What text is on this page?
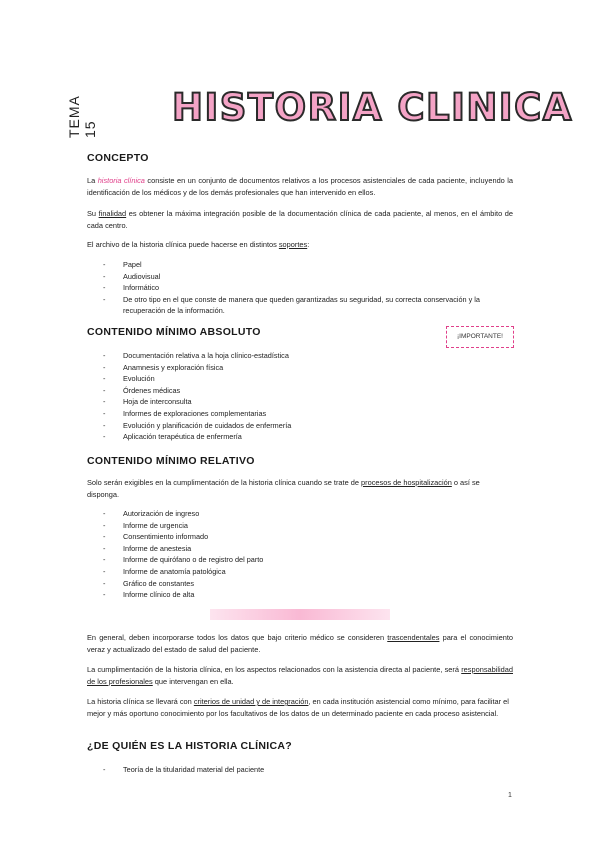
TEMA 15
HISTORIA CLINICA
CONCEPTO

La historia clínica consiste en un conjunto de documentos relativos a los procesos asistenciales de cada paciente, incluyendo la identificación de los médicos y de los demás profesionales que han intervenido en ellos.

Su finalidad es obtener la máxima integración posible de la documentación clínica de cada paciente, al menos, en el ámbito de cada centro.

El archivo de la historia clínica puede hacerse en distintos soportes:

- Papel
- Audiovisual
- Informático
- De otro tipo en el que conste de manera que queden garantizadas su seguridad, su correcta conservación y la recuperación de la información.
CONTENIDO MÍNIMO ABSOLUTO	¡IMPORTANTE!
- Documentación relativa a la hoja clínico-estadística
- Anamnesis y exploración física
- Evolución
- Órdenes médicas
- Hoja de interconsulta
- Informes de exploraciones complementarias
- Evolución y planificación de cuidados de enfermería
- Aplicación terapéutica de enfermería
CONTENIDO MÍNIMO RELATIVO

Solo serán exigibles en la cumplimentación de la historia clínica cuando se trate de procesos de hospitalización o así se disponga.

- Autorización de ingreso
- Informe de urgencia
- Consentimiento informado
- Informe de anestesia
- Informe de quirófano o de registro del parto
- Informe de anatomía patológica
- Gráfico de constantes
- Informe clínico de alta

En general, deben incorporarse todos los datos que bajo criterio médico se consideren trascendentales para el conocimiento veraz y actualizado del estado de salud del paciente.

La cumplimentación de la historia clínica, en los aspectos relacionados con la asistencia directa al paciente, será responsabilidad de los profesionales que intervengan en ella.

La historia clínica se llevará con criterios de unidad y de integración, en cada institución asistencial como mínimo, para facilitar el mejor y más oportuno conocimiento por los facultativos de los datos de un determinado paciente en cada proceso asistencial.

¿DE QUIÉN ES LA HISTORIA CLÍNICA?
- Teoría de la titularidad material del paciente
1
